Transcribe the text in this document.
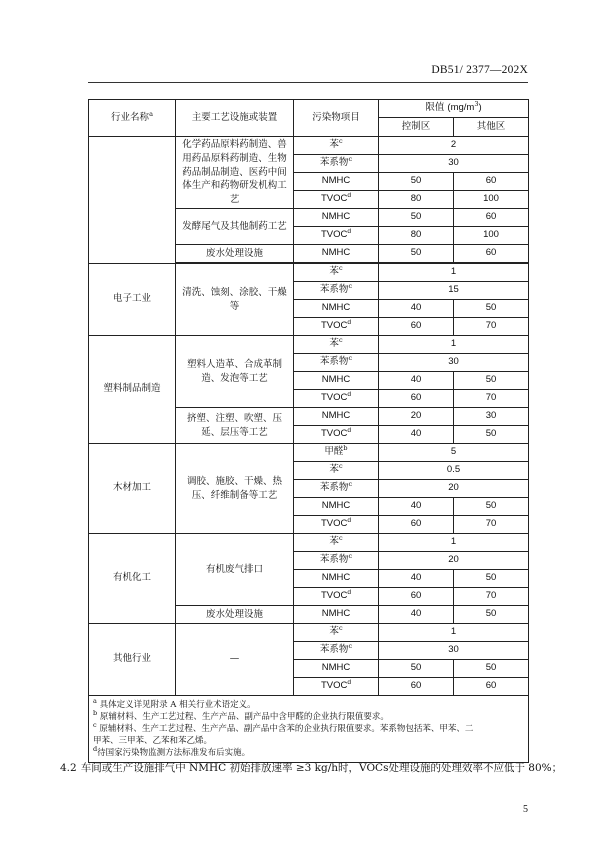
DB51/ 2377—202X
行业名称$^a$	主要工艺设施或装置	污染物项目	限值 $(mg/m^3)$	
			控制区	其他区
	化学药品原料药制造、兽用药品原料药制造、生物药品制品制造、医药中间体生产和药物研发机构工艺	苯$^c$	2	
		苯系物$^c$	30	
		NMHC	50	60
		TVOC$^d$	80	100
	发酵尾气及其他制药工艺	NMHC	50	60
		TVOC$^d$	80	100
	废水处理设施	NMHC	50	60

电子工业	清洗、蚀刻、涂胶、干燥等	苯$^c$	1	
		苯系物$^c$	15	
		NMHC	40	50
		TVOC$^d$	60	70
塑料制品制造	塑料人造革、合成革制造、发泡等工艺	苯$^c$	1	
		苯系物$^c$	30	
		NMHC	40	50
		TVOC$^d$	60	70
	挤塑、注塑、吹塑、压延、层压等工艺	NMHC	20	30
		TVOC$^d$	40	50
木材加工	调胶、施胶、干燥、热压、纤维制备等工艺	甲醛$^b$	5	
		苯$^c$	0.5	
		苯系物$^c$	20	
		NMHC	40	50
		TVOC$^d$	60	70
有机化工	有机废气排口	苯$^c$	1	
		苯系物$^c$	20	
		NMHC	40	50
		TVOC$^d$	60	70
	废水处理设施	NMHC	40	50
其他行业	—	苯$^c$	1	
		苯系物$^c$	30	
		NMHC	50	50
		TVOC$^d$	60	60

$^a$ 具体定义详见附录 A 相关行业术语定义。
$^b$ 原辅材料、生产工艺过程、生产产品、副产品中含甲醛的企业执行限值要求。
$^c$ 原辅材料、生产工艺过程、生产产品、副产品中含苯的企业执行限值要求。苯系物包括苯、甲苯、二
甲苯、三甲苯、乙苯和苯乙烯。
$^d$待国家污染物监测方法标准发布后实施。				
4.2 车间或生产设施排气中 NMHC 初始排放速率 ≥3 kg/h时，VOCs处理设施的处理效率不应低于 80%；
5
